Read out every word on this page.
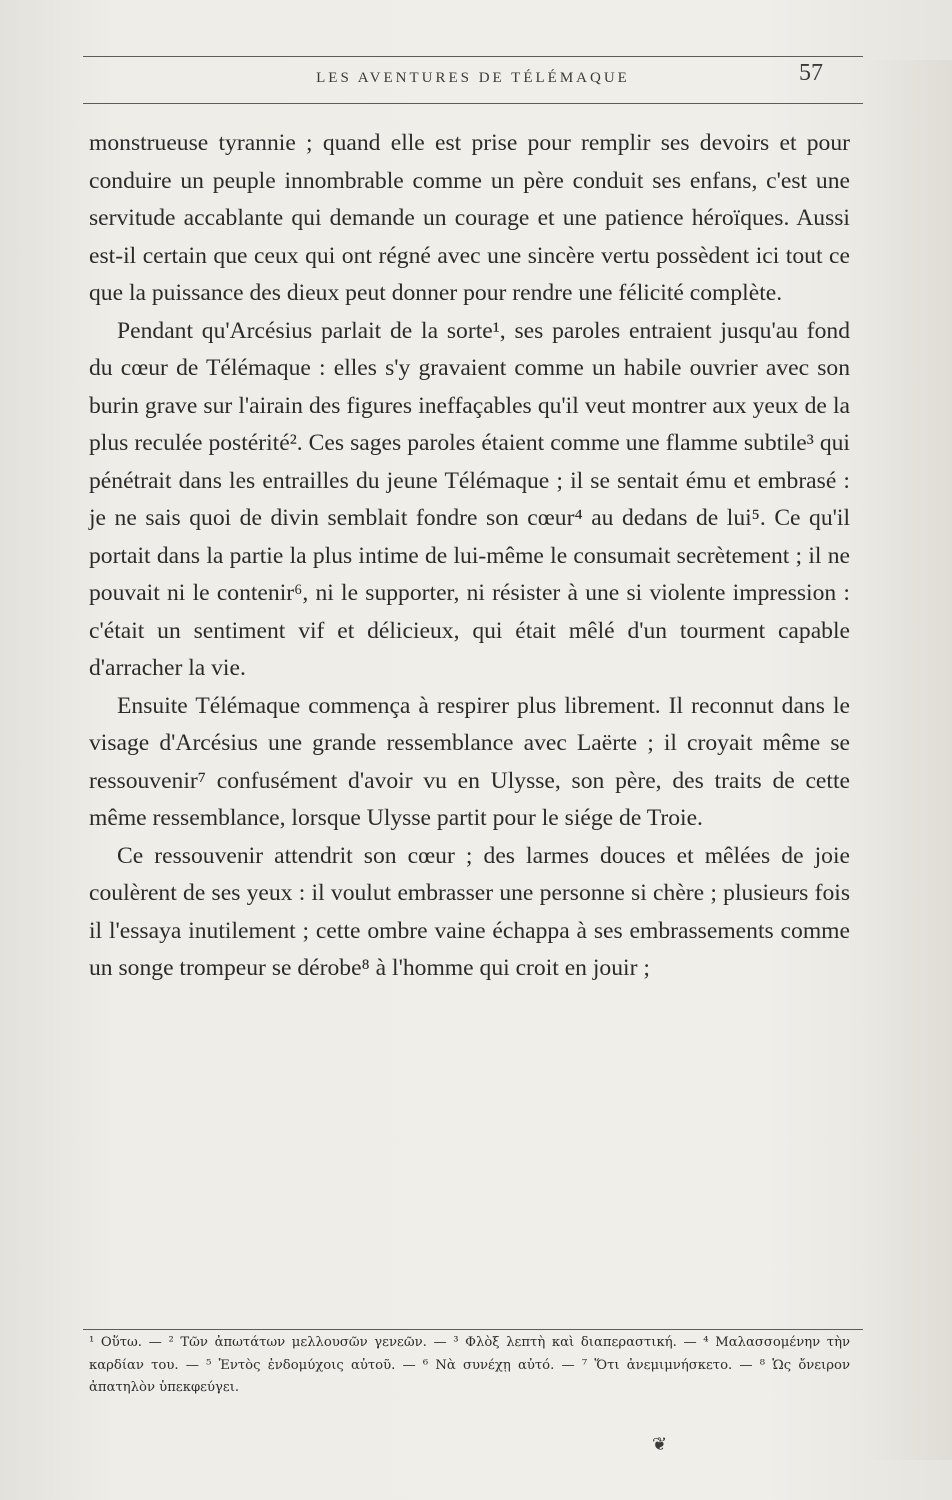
LES AVENTURES DE TÉLÉMAQUE	57

monstrueuse tyrannie ; quand elle est prise pour remplir ses devoirs et pour conduire un peuple innombrable comme un père conduit ses enfans, c'est une servitude accablante qui demande un courage et une patience héroïques. Aussi est-il certain que ceux qui ont régné avec une sincère vertu possèdent ici tout ce que la puissance des dieux peut donner pour rendre une félicité complète.

Pendant qu'Arcésius parlait de la sorte¹, ses paroles entraient jusqu'au fond du cœur de Télémaque : elles s'y gravaient comme un habile ouvrier avec son burin grave sur l'airain des figures ineffaçables qu'il veut montrer aux yeux de la plus reculée postérité². Ces sages paroles étaient comme une flamme subtile³ qui pénétrait dans les entrailles du jeune Télémaque ; il se sentait ému et embrasé : je ne sais quoi de divin semblait fondre son cœur⁴ au dedans de lui⁵. Ce qu'il portait dans la partie la plus intime de lui-même le consumait secrètement ; il ne pouvait ni le contenir⁶, ni le supporter, ni résister à une si violente impression : c'était un sentiment vif et délicieux, qui était mêlé d'un tourment capable d'arracher la vie.

Ensuite Télémaque commença à respirer plus librement. Il reconnut dans le visage d'Arcésius une grande ressemblance avec Laërte ; il croyait même se ressouvenir⁷ confusément d'avoir vu en Ulysse, son père, des traits de cette même ressemblance, lorsque Ulysse partit pour le siége de Troie.

Ce ressouvenir attendrit son cœur ; des larmes douces et mêlées de joie coulèrent de ses yeux : il voulut embrasser une personne si chère ; plusieurs fois il l'essaya inutilement ; cette ombre vaine échappa à ses embrassements comme un songe trompeur se dérobe⁸ à l'homme qui croit en jouir ;

¹ Οὕτω. — ² Τῶν ἀπωτάτων μελλουσῶν γενεῶν. — ³ Φλὸξ λεπτὴ καὶ διαπεραστική. — ⁴ Μαλασσομένην τὴν καρδίαν του. — ⁵ Ἐντὸς ἐνδομύχοις αὐτοῦ. — ⁶ Νὰ συνέχῃ αὐτό. — ⁷ Ὅτι ἀνεμιμνήσκετο. — ⁸ Ὡς ὄνειρον ἀπατηλὸν ὑπεκφεύγει.
❦
